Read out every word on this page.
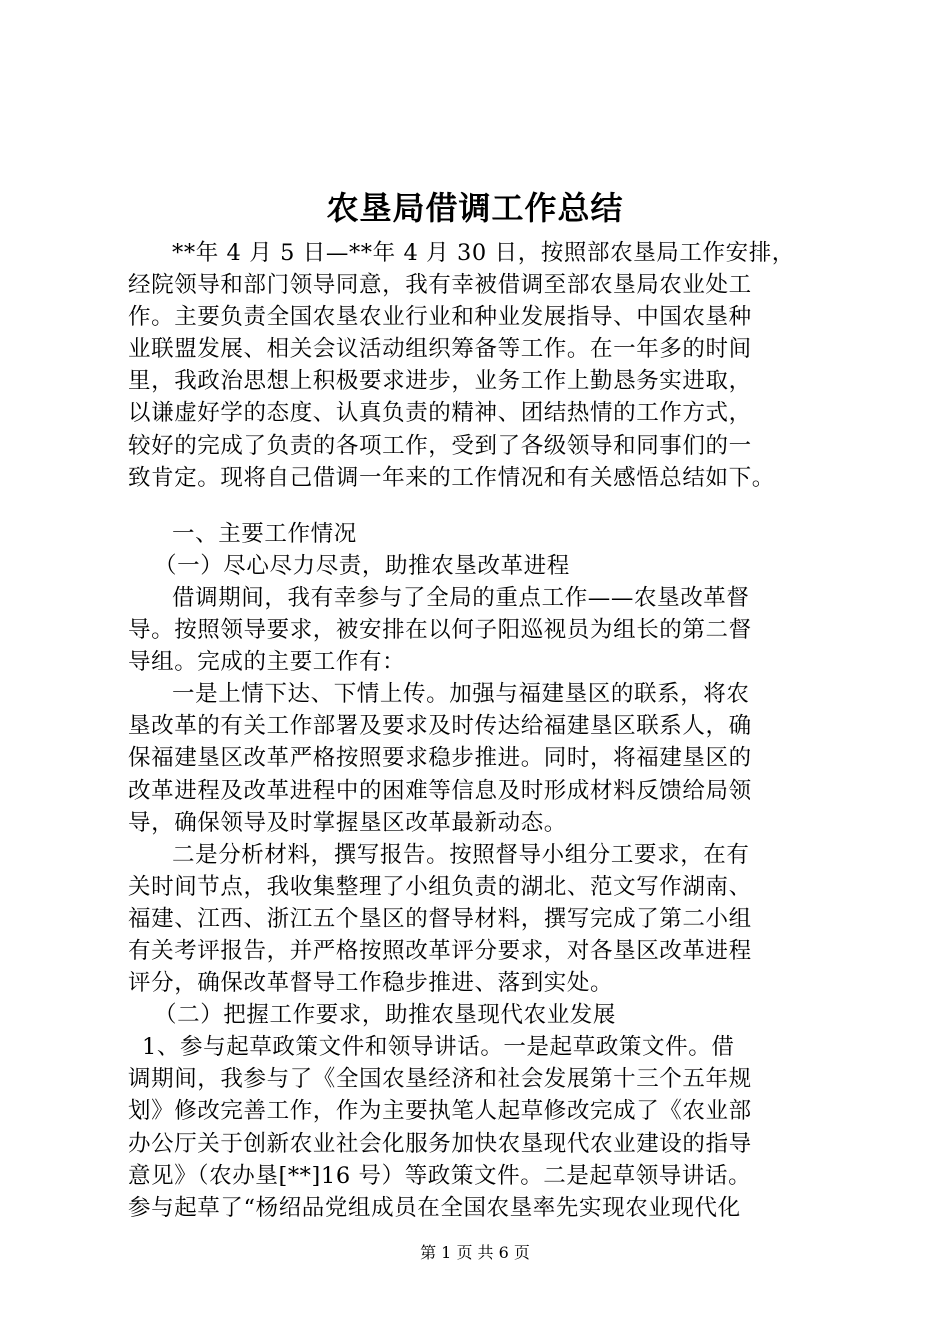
农垦局借调工作总结
**年 4 月 5 日—**年 4 月 30 日，按照部农垦局工作安排，
经院领导和部门领导同意，我有幸被借调至部农垦局农业处工
作。主要负责全国农垦农业行业和种业发展指导、中国农垦种
业联盟发展、相关会议活动组织筹备等工作。在一年多的时间
里，我政治思想上积极要求进步，业务工作上勤恳务实进取，
以谦虚好学的态度、认真负责的精神、团结热情的工作方式，
较好的完成了负责的各项工作，受到了各级领导和同事们的一
致肯定。现将自己借调一年来的工作情况和有关感悟总结如下。
一、主要工作情况
（一）尽心尽力尽责，助推农垦改革进程
借调期间，我有幸参与了全局的重点工作——农垦改革督
导。按照领导要求，被安排在以何子阳巡视员为组长的第二督
导组。完成的主要工作有：
一是上情下达、下情上传。加强与福建垦区的联系，将农
垦改革的有关工作部署及要求及时传达给福建垦区联系人，确
保福建垦区改革严格按照要求稳步推进。同时，将福建垦区的
改革进程及改革进程中的困难等信息及时形成材料反馈给局领
导，确保领导及时掌握垦区改革最新动态。
二是分析材料，撰写报告。按照督导小组分工要求，在有
关时间节点，我收集整理了小组负责的湖北、范文写作湖南、
福建、江西、浙江五个垦区的督导材料，撰写完成了第二小组
有关考评报告，并严格按照改革评分要求，对各垦区改革进程
评分，确保改革督导工作稳步推进、落到实处。
（二）把握工作要求，助推农垦现代农业发展
1、参与起草政策文件和领导讲话。一是起草政策文件。借
调期间，我参与了《全国农垦经济和社会发展第十三个五年规
划》修改完善工作，作为主要执笔人起草修改完成了《农业部
办公厅关于创新农业社会化服务加快农垦现代农业建设的指导
意见》（农办垦[**]16 号）等政策文件。二是起草领导讲话。
参与起草了“杨绍品党组成员在全国农垦率先实现农业现代化
第 1 页 共 6 页
